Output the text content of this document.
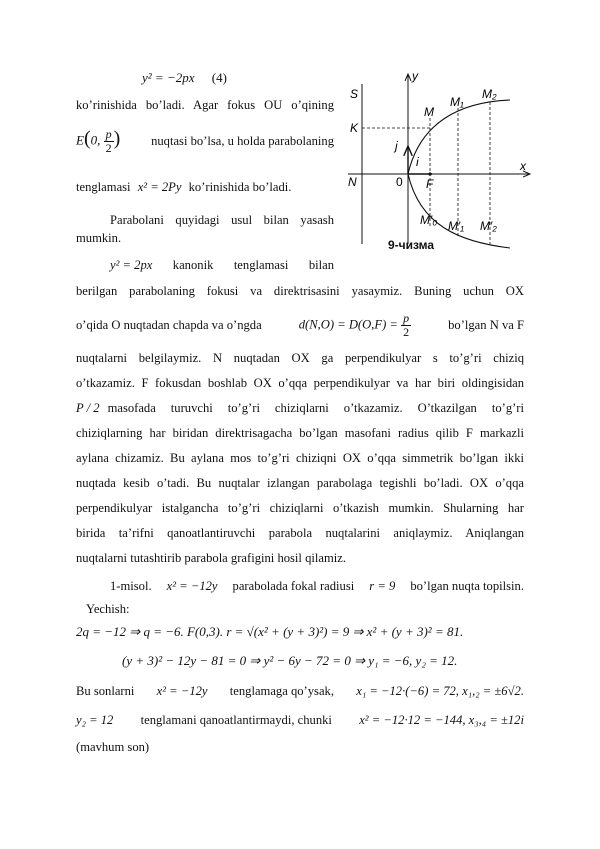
y² = −2px (4)
ko’rinishida bo’ladi. Agar fokus OU o’qining
E(0, $\frac{p}{2}$ ) nuqtasi bo’lsa, u holda parabolaning
tenglamasi x² = 2Py ko’rinishida bo’ladi.
Parabolani quyidagi usul bilan yasash
mumkin.
y² = 2px kanonik tenglamasi bilan
berilgan parabolaning fokusi va direktrisasini yasaymiz. Buning uchun OX
o’qida O nuqtadan chapda va o’ngda	$d(N,O) = D(O,F) = \frac{p}{2}$	bo’lgan N va F
nuqtalarni belgilaymiz. N nuqtadan OX ga perpendikulyar s to’g’ri chiziq
o’tkazamiz. F fokusdan boshlab OX o’qqa perpendikulyar va har biri oldingisidan
P / 2 masofada turuvchi to’g’ri chiziqlarni o’tkazamiz. O’tkazilgan to’g’ri
chiziqlarning har biridan direktrisagacha bo’lgan masofani radius qilib F markazli
aylana chizamiz. Bu aylana mos to’g’ri chiziqni OX o’qqa simmetrik bo’lgan ikki
nuqtada kesib o’tadi. Bu nuqtalar izlangan parabolaga tegishli bo’ladi. OX o’qqa
perpendikulyar istalgancha to’g’ri chiziqlarni o’tkazish mumkin. Shularning har
birida ta’rifni qanoatlantiruvchi parabola nuqtalarini aniqlaymiz. Aniqlangan
nuqtalarni tutashtirib parabola grafigini hosil qilamiz.
1-misol. x² = −12y parabolada fokal radiusi r = 9 bo’lgan nuqta topilsin.
Yechish:
2q = −12 ⇒ q = −6. F(0,3). r = √(x² + (y + 3)²) = 9 ⇒ x² + (y + 3)² = 81.
(y + 3)² − 12y − 81 = 0 ⇒ y² − 6y − 72 = 0 ⇒ y₁ = −6, y₂ = 12.
Bu sonlarni x² = −12y tenglamaga qo’ysak, x₁ = −12·(−6) = 72, x₁,₂ = ±6√2.
y₂ = 12 tenglamani qanoatlantirmaydi, chunki x² = −12·12 = −144, x₃,₄ = ±12i
(mavhum son)
y
x
S
K
N	0 F
j
i
M
M₁
M₂
M′₀ M′₁ M′₂
9-чизма
